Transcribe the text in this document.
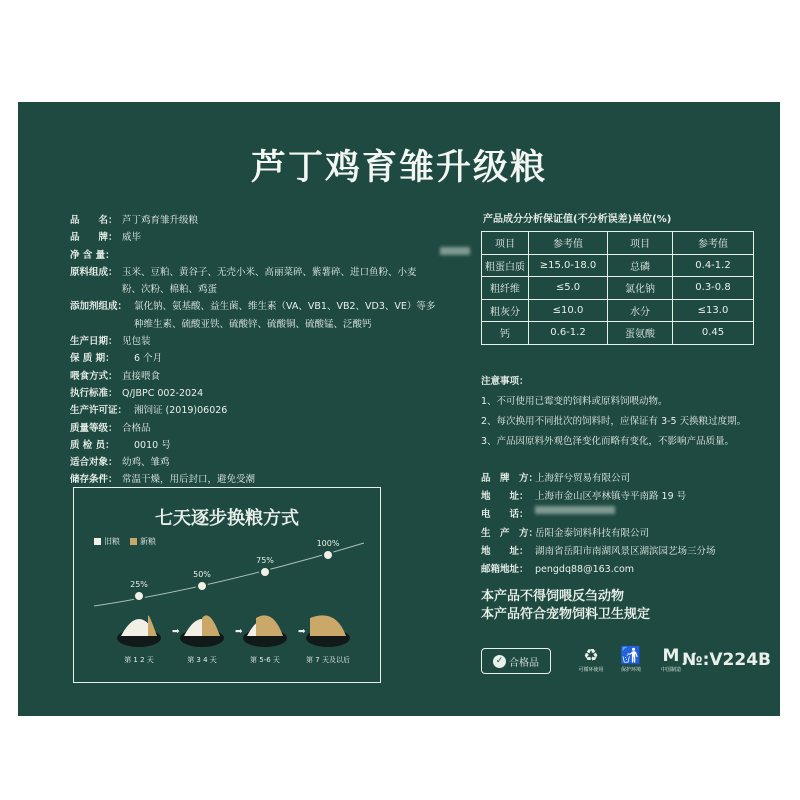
芦丁鸡育雏升级粮
品　　名： 芦丁鸡育雏升级粮
品　　牌： 威毕
净 含 量：
原料组成： 玉米、豆粕、黄谷子、无壳小米、高丽菜碎、紫薯碎、进口鱼粉、小麦粉、次粉、棉粕、鸡蛋
添加剂组成： 氯化钠、氨基酸、益生菌、维生素（VA、VB1、VB2、VD3、VE）等多种维生素、硫酸亚铁、硫酸锌、硫酸铜、硫酸锰、泛酸钙
生产日期： 见包装
保 质 期：	6 个月
喂食方式： 直接喂食
执行标准： Q/JBPC 002-2024
生产许可证： 湘饲证 (2019)06026
质量等级： 合格品
质 检 员：	0010 号
适合对象： 幼鸡、雏鸡
储存条件： 常温干燥，用后封口，避免受潮
产品成分分析保证值(不分析误差)单位(%)
项目	参考值	项目	参考值
粗蛋白质	≥15.0-18.0	总磷	0.4-1.2
粗纤维	≤5.0	氯化钠	0.3-0.8
粗灰分	≤10.0	水分	≤13.0
钙	0.6-1.2	蛋氨酸	0.45
注意事项：
1、不可使用已霉变的饲料或原料饲喂动物。
2、每次换用不同批次的饲料时，应保证有 3-5 天换粮过度期。
3、产品因原料外观色泽变化而略有变化，不影响产品质量。
品　牌　方：
上海舒兮贸易有限公司
地　　址： 上海市金山区亭林镇寺平南路 19 号
电　　话：
生　产　方：
岳阳金泰饲料科技有限公司
地　　址： 湖南省岳阳市南湖风景区湖滨园艺场三分场
邮箱地址： pengdq88@163.com
本产品不得饲喂反刍动物
本产品符合宠物饲料卫生规定
✓ 合格品	♻
可循环使用
🚮
保护环境
M
中国制造 №:V224B
七天逐步换粮方式
旧粮	新粮
25%
➡
第 1 2 天
50%
➡
第 3 4 天
75%
➡
第 5-6 天
100%
第 7 天及以后
